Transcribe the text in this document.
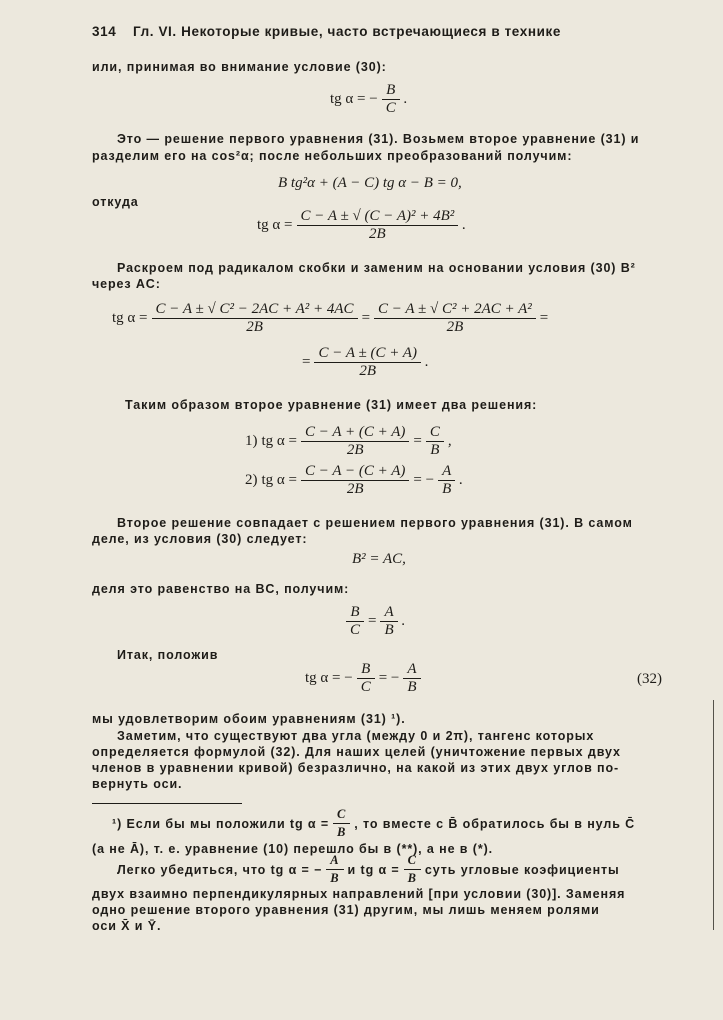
314 Гл. VI. Некоторые кривые, часто встречающиеся в технике
или, принимая во внимание условие (30):
tg α = − $\frac{B}{C}$ .
Это — решение первого уравнения (31). Возьмем второе уравнение (31) и
разделим его на cos²α; после небольших преобразований получим:
B tg²α + (A − C) tg α − B = 0,
откуда
tg $\alpha = \frac{\text{C − A ± √ (C − A)² + 4B²}}{2B}$ .
Раскроем под радикалом скобки и заменим на основании условия (30) B²
через AC:
tg $\alpha = \frac{\text{C − A ± √ C² − 2AC + A² + 4AC}}{2B} = \frac{\text{C − A ± √ C² + 2AC + A²}}{2B}$ =
= $\frac{C - A \pm (C + A)}{2B}$ .
Таким образом второе уравнение (31) имеет два решения:
1) tg $\alpha = \frac{C - A + (C + A)}{2B} = \frac{C}{B}$ ,
2) tg $\alpha = \frac{C - A - (C + A)}{2B}$ = − $\frac{A}{B}$ .
Второе решение совпадает с решением первого уравнения (31). В самом
деле, из условия (30) следует:
B² = AC,
деля это равенство на BC, получим:
$\frac{B}{C} = \frac{A}{B}$ .
Итак, положив
tg α = − $\frac{B}{C}$ = − $\frac{A}{B}$	(32)
мы удовлетворим обоим уравнениям (31) ¹).
Заметим, что существуют два угла (между 0 и 2π), тангенс которых
определяется формулой (32). Для наших целей (уничтожение первых двух
членов в уравнении кривой) безразлично, на какой из этих двух углов по-
вернуть оси.
¹) Если бы мы положили tg $\alpha = \frac{C}{B}$ , то вместе с B̄ обратилось бы в нуль C̄
(а не Ā), т. е. уравнение (10) перешло бы в (**), а не в (*).
Легко убедиться, что tg α = − $\frac{A}{B}$ и tg $\alpha = \frac{C}{B}$ суть угловые коэфициенты
двух взаимно перпендикулярных направлений [при условии (30)]. Заменяя
одно решение второго уравнения (31) другим, мы лишь меняем ролями
оси X̄ и Ȳ.
